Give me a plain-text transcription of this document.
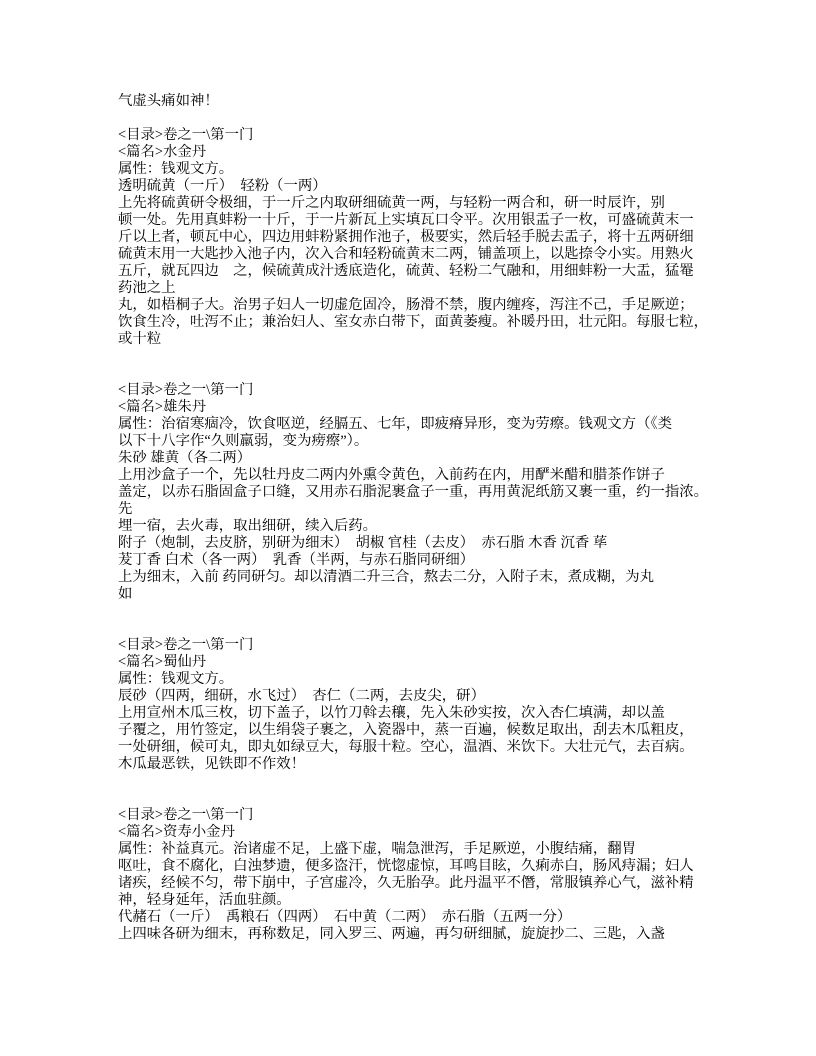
气虚头痛如神！
<目录>卷之一\第一门
<篇名>水金丹
属性：钱观文方。
透明硫黄（一斤）　轻粉（一两）
上先将硫黄研令极细，于一斤之内取研细硫黄一两，与轻粉一两合和，研一时辰许，别
顿一处。先用真蚌粉一十斤，于一片新瓦上实填瓦口令平。次用银盂子一枚，可盛硫黄末一
斤以上者，顿瓦中心，四边用蚌粉紧拥作池子，极要实，然后轻手脱去盂子，将十五两研细
硫黄末用一大匙抄入池子内，次入合和轻粉硫黄末二两，铺盖项上，以匙捺令小实。用熟火
五斤，就瓦四边　之，候硫黄成汁透底造化，硫黄、轻粉二气融和，用细蚌粉一大盂，猛罨
药池之上
丸，如梧桐子大。治男子妇人一切虚危固冷，肠滑不禁，腹内缠疼，泻注不己，手足厥逆；
饮食生冷，吐泻不止；兼治妇人、室女赤白带下，面黄萎瘦。补暖丹田，壮元阳。每服七粒，
或十粒
<目录>卷之一\第一门
<篇名>雄朱丹
属性：治宿寒痼冷，饮食呕逆，经膈五、七年，即疲瘠异形，变为劳瘵。钱观文方（《类
以下十八字作“久则羸弱，变为痨瘵”）。
朱砂 雄黄（各二两）
上用沙盒子一个，先以牡丹皮二两内外熏令黄色，入前药在内，用酽米醋和腊茶作饼子
盖定，以赤石脂固盒子口缝，又用赤石脂泥裹盒子一重，再用黄泥纸筋又裹一重，约一指浓。
先
埋一宿，去火毒，取出细研，续入后药。
附子（炮制，去皮脐，别研为细末）　胡椒 官桂（去皮）　赤石脂 木香 沉香 荜
茇丁香 白术（各一两）　乳香（半两，与赤石脂同研细）
上为细末，入前 药同研匀。却以清酒二升三合，熬去二分，入附子末，煮成糊，为丸
如
<目录>卷之一\第一门
<篇名>蜀仙丹
属性：钱观文方。
辰砂（四两，细研，水飞过）　杏仁（二两，去皮尖，研）
上用宣州木瓜三枚，切下盖子，以竹刀斡去穰，先入朱砂实按，次入杏仁填满，却以盖
子覆之，用竹签定，以生绢袋子裹之，入瓷器中，蒸一百遍，候数足取出，刮去木瓜粗皮，
一处研细，候可丸，即丸如绿豆大，每服十粒。空心，温酒、米饮下。大壮元气，去百病。
木瓜最恶铁，见铁即不作效！
<目录>卷之一\第一门
<篇名>资寿小金丹
属性：补益真元。治诸虚不足，上盛下虚，喘急泄泻，手足厥逆，小腹结痛，翻胃
呕吐，食不腐化，白浊梦遗，便多盗汗，恍惚虚惊，耳鸣目眩，久痢赤白，肠风痔漏；妇人
诸疾，经候不匀，带下崩中，子宫虚冷，久无胎孕。此丹温平不僭，常服镇养心气，滋补精
神，轻身延年，活血驻颜。
代赭石（一斤）　禹粮石（四两）　石中黄（二两）　赤石脂（五两一分）
上四味各研为细末，再称数足，同入罗三、两遍，再匀研细腻，旋旋抄二、三匙，入盏
